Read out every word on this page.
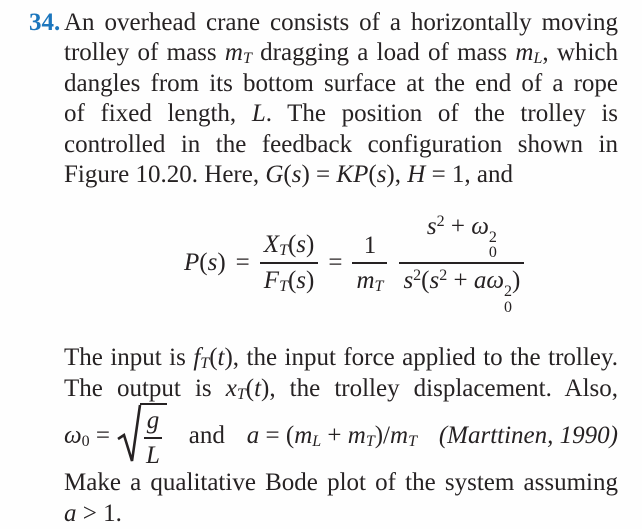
34. An overhead crane consists of a horizontally moving
trolley of mass mT dragging a load of mass mL, which
dangles from its bottom surface at the end of a rope
of fixed length, L. The position of the trolley is
controlled in the feedback configuration shown in
Figure 10.20. Here, G(s) = KP(s), H = 1, and
$P(s) = \frac{XT(s)}{FT(s)} = \frac{1}{mT} s^2 + \omega$ 2
0
$s^2(s^2 + a\omega$ 2
0
)
The input is fT(t), the input force applied to the trolley.
The output is xT(t), the trolley displacement. Also,
$\omega 0 = \frac{g}{L}$ and a = (mL + mT)/mT (Marttinen, 1990)
Make a qualitative Bode plot of the system assuming
a > 1.
